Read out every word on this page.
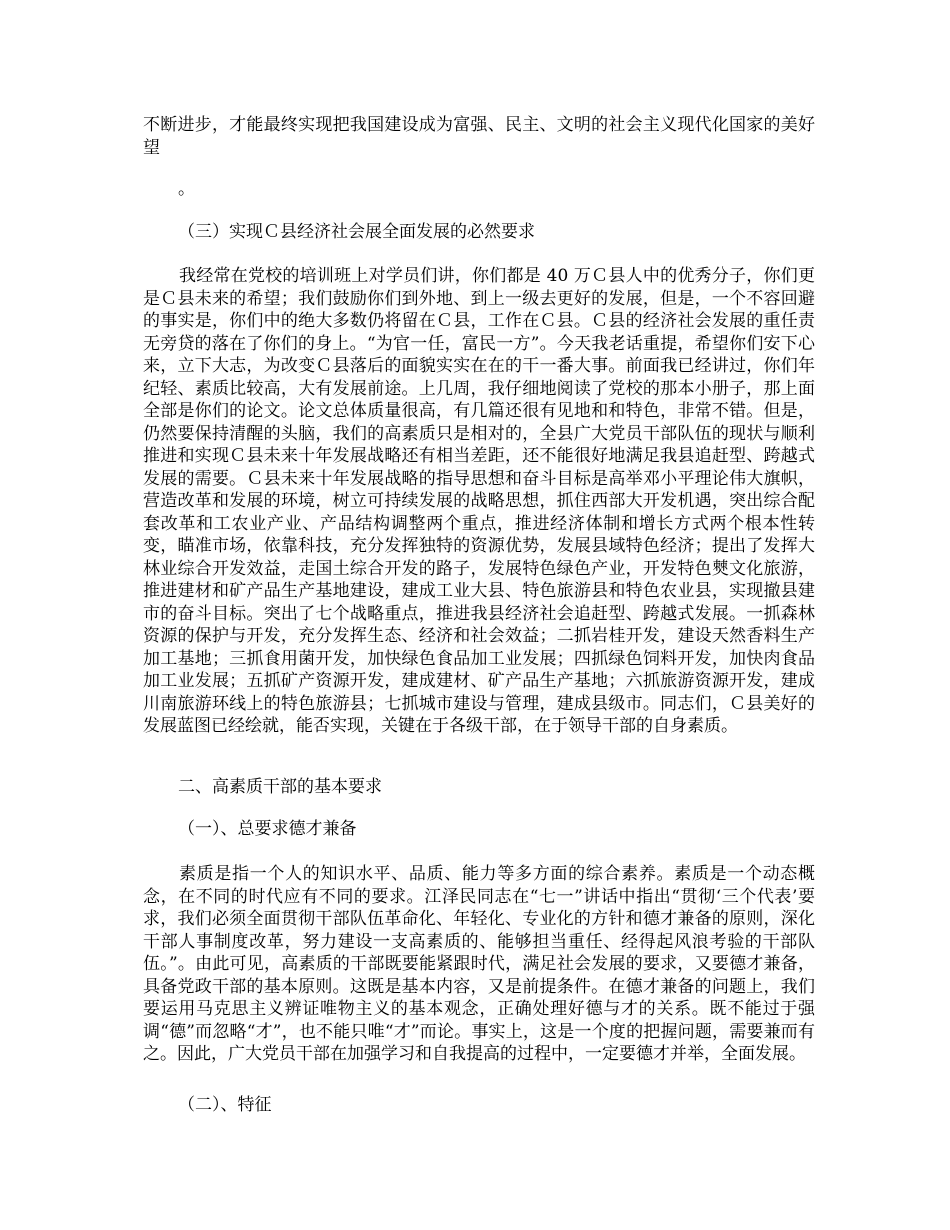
不断进步，才能最终实现把我国建设成为富强、民主、文明的社会主义现代化国家的美好望

。

（三）实现Ｃ县经济社会展全面发展的必然要求

我经常在党校的培训班上对学员们讲，你们都是 40 万Ｃ县人中的优秀分子，你们更是Ｃ县未来的希望；我们鼓励你们到外地、到上一级去更好的发展，但是，一个不容回避的事实是，你们中的绝大多数仍将留在Ｃ县，工作在Ｃ县。Ｃ县的经济社会发展的重任责无旁贷的落在了你们的身上。“为官一任，富民一方”。今天我老话重提，希望你们安下心来，立下大志，为改变Ｃ县落后的面貌实实在在的干一番大事。前面我已经讲过，你们年纪轻、素质比较高，大有发展前途。上几周，我仔细地阅读了党校的那本小册子，那上面全部是你们的论文。论文总体质量很高，有几篇还很有见地和和特色，非常不错。但是，仍然要保持清醒的头脑，我们的高素质只是相对的，全县广大党员干部队伍的现状与顺利推进和实现Ｃ县未来十年发展战略还有相当差距，还不能很好地满足我县追赶型、跨越式发展的需要。Ｃ县未来十年发展战略的指导思想和奋斗目标是高举邓小平理论伟大旗帜，营造改革和发展的环境，树立可持续发展的战略思想，抓住西部大开发机遇，突出综合配套改革和工农业产业、产品结构调整两个重点，推进经济体制和增长方式两个根本性转变，瞄准市场，依靠科技，充分发挥独特的资源优势，发展县域特色经济；提出了发挥大林业综合开发效益，走国土综合开发的路子，发展特色绿色产业，开发特色僰文化旅游，推进建材和矿产品生产基地建设，建成工业大县、特色旅游县和特色农业县，实现撤县建市的奋斗目标。突出了七个战略重点，推进我县经济社会追赶型、跨越式发展。一抓森林资源的保护与开发，充分发挥生态、经济和社会效益；二抓岩桂开发，建设天然香料生产加工基地；三抓食用菌开发，加快绿色食品加工业发展；四抓绿色饲料开发，加快肉食品加工业发展；五抓矿产资源开发，建成建材、矿产品生产基地；六抓旅游资源开发，建成川南旅游环线上的特色旅游县；七抓城市建设与管理，建成县级市。同志们，Ｃ县美好的发展蓝图已经绘就，能否实现，关键在于各级干部，在于领导干部的自身素质。

二、高素质干部的基本要求

（一）、总要求德才兼备

素质是指一个人的知识水平、品质、能力等多方面的综合素养。素质是一个动态概念，在不同的时代应有不同的要求。江泽民同志在“七一”讲话中指出“贯彻‘三个代表’要求，我们必须全面贯彻干部队伍革命化、年轻化、专业化的方针和德才兼备的原则，深化干部人事制度改革，努力建设一支高素质的、能够担当重任、经得起风浪考验的干部队伍。”。由此可见，高素质的干部既要能紧跟时代，满足社会发展的要求，又要德才兼备，具备党政干部的基本原则。这既是基本内容，又是前提条件。在德才兼备的问题上，我们要运用马克思主义辨证唯物主义的基本观念，正确处理好德与才的关系。既不能过于强调“德”而忽略“才”，也不能只唯“才”而论。事实上，这是一个度的把握问题，需要兼而有之。因此，广大党员干部在加强学习和自我提高的过程中，一定要德才并举，全面发展。

（二）、特征
